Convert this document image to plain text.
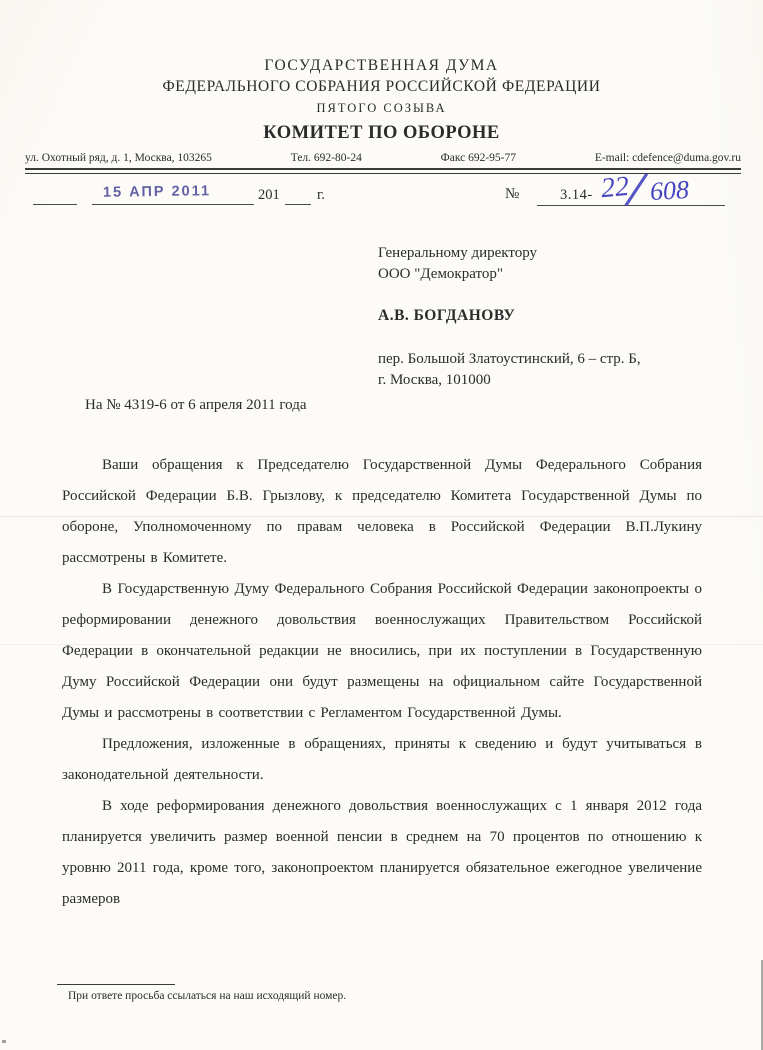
ГОСУДАРСТВЕННАЯ ДУМА
ФЕДЕРАЛЬНОГО СОБРАНИЯ РОССИЙСКОЙ ФЕДЕРАЦИИ
ПЯТОГО СОЗЫВА
КОМИТЕТ ПО ОБОРОНЕ
ул. Охотный ряд, д. 1, Москва, 103265	Тел. 692-80-24	Факс 692-95-77	E-mail: cdefence@duma.gov.ru
15 АПР 2011	201	г.	№	3.14- 22
/ 608
Генеральному директору
ООО "Демократор"
А.В. БОГДАНОВУ
пер. Большой Златоустинский, 6 – стр. Б,
г. Москва, 101000
На № 4319-6 от 6 апреля 2011 года

Ваши обращения к Председателю Государственной Думы Федерального Собрания Российской Федерации Б.В. Грызлову, к председателю Комитета Государственной Думы по обороне, Уполномоченному по правам человека в Российской Федерации В.П.Лукину рассмотрены в Комитете.

В Государственную Думу Федерального Собрания Российской Федерации законопроекты о реформировании денежного довольствия военнослужащих Правительством Российской Федерации в окончательной редакции не вносились, при их поступлении в Государственную Думу Российской Федерации они будут размещены на официальном сайте Государственной Думы и рассмотрены в соответствии с Регламентом Государственной Думы.

Предложения, изложенные в обращениях, приняты к сведению и будут учитываться в законодательной деятельности.

В ходе реформирования денежного довольствия военнослужащих с 1 января 2012 года планируется увеличить размер военной пенсии в среднем на 70 процентов по отношению к уровню 2011 года, кроме того, законопроектом планируется обязательное ежегодное увеличение размеров

При ответе просьба ссылаться на наш исходящий номер.
